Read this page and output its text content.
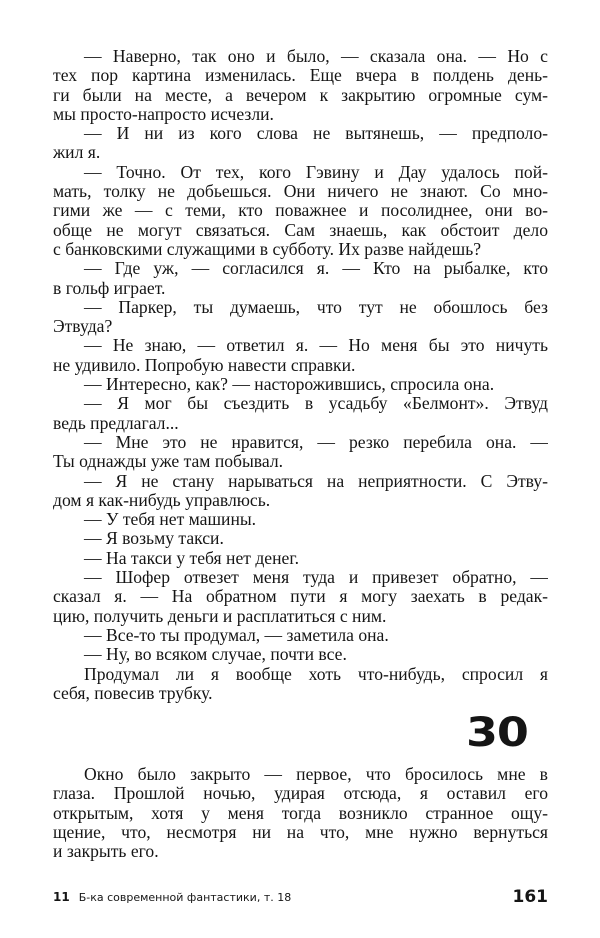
— Наверно, так оно и было, — сказала она. — Но с
тех пор картина изменилась. Еще вчера в полдень день-
ги были на месте, а вечером к закрытию огромные сум-
мы просто-напросто исчезли.
— И ни из кого слова не вытянешь, — предполо-
жил я.
— Точно. От тех, кого Гэвину и Дау удалось пой-
мать, толку не добьешься. Они ничего не знают. Со мно-
гими же — с теми, кто поважнее и посолиднее, они во-
обще не могут связаться. Сам знаешь, как обстоит дело
с банковскими служащими в субботу. Их разве найдешь?
— Где уж, — согласился я. — Кто на рыбалке, кто
в гольф играет.
— Паркер, ты думаешь, что тут не обошлось без
Этвуда?
— Не знаю, — ответил я. — Но меня бы это ничуть
не удивило. Попробую навести справки.
— Интересно, как? — насторожившись, спросила она.
— Я мог бы съездить в усадьбу «Белмонт». Этвуд
ведь предлагал...
— Мне это не нравится, — резко перебила она. —
Ты однажды уже там побывал.
— Я не стану нарываться на неприятности. С Этву-
дом я как-нибудь управлюсь.
— У тебя нет машины.
— Я возьму такси.
— На такси у тебя нет денег.
— Шофер отвезет меня туда и привезет обратно, —
сказал я. — На обратном пути я могу заехать в редак-
цию, получить деньги и расплатиться с ним.
— Все-то ты продумал, — заметила она.
— Ну, во всяком случае, почти все.
Продумал ли я вообще хоть что-нибудь, спросил я
себя, повесив трубку.
30
Окно было закрыто — первое, что бросилось мне в
глаза. Прошлой ночью, удирая отсюда, я оставил его
открытым, хотя у меня тогда возникло странное ощу-
щение, что, несмотря ни на что, мне нужно вернуться
и закрыть его.
11 Б-ка современной фантастики, т. 18	161
